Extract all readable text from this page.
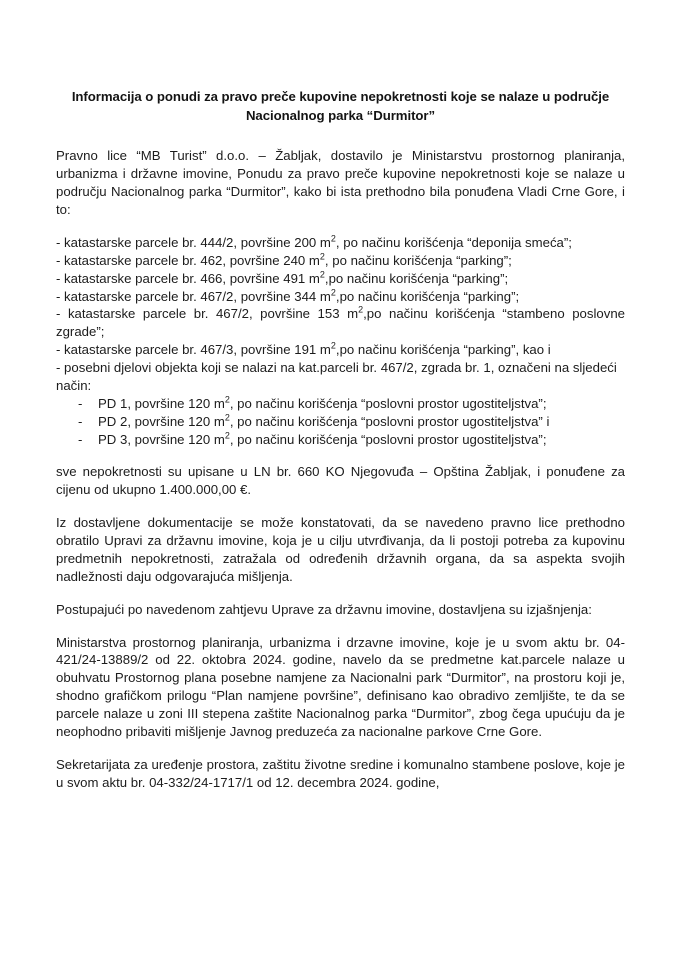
Informacija o ponudi za pravo preče kupovine nepokretnosti koje se nalaze u područje Nacionalnog parka “Durmitor”

Pravno lice “MB Turist” d.o.o. – Žabljak, dostavilo je Ministarstvu prostornog planiranja, urbanizma i državne imovine, Ponudu za pravo preče kupovine nepokretnosti koje se nalaze u području Nacionalnog parka “Durmitor”, kako bi ista prethodno bila ponuđena Vladi Crne Gore, i to:

- katastarske parcele br. 444/2, površine 200 $m^2$, po načinu korišćenja “deponija smeća”;

- katastarske parcele br. 462, površine 240 $m^2$, po načinu korišćenja “parking”;

- katastarske parcele br. 466, površine 491 $m^2,po$ načinu korišćenja “parking”;

- katastarske parcele br. 467/2, površine 344 $m^2,po$ načinu korišćenja “parking”;

- katastarske parcele br. 467/2, površine 153 $m^2,po$ načinu korišćenja “stambeno poslovne zgrade”;

- katastarske parcele br. 467/3, površine 191 $m^2,po$ načinu korišćenja “parking”, kao i

- posebni djelovi objekta koji se nalazi na kat.parceli br. 467/2, zgrada br. 1, označeni na sljedeći način:

- PD 1, površine 120 $m^2$, po načinu korišćenja “poslovni prostor ugostiteljstva”;
- PD 2, površine 120 $m^2$, po načinu korišćenja “poslovni prostor ugostiteljstva” i
- PD 3, površine 120 $m^2$, po načinu korišćenja “poslovni prostor ugostiteljstva”;

sve nepokretnosti su upisane u LN br. 660 KO Njegovuđa – Opština Žabljak, i ponuđene za cijenu od ukupno 1.400.000,00 €.

Iz dostavljene dokumentacije se može konstatovati, da se navedeno pravno lice prethodno obratilo Upravi za državnu imovine, koja je u cilju utvrđivanja, da li postoji potreba za kupovinu predmetnih nepokretnosti, zatražala od određenih državnih organa, da sa aspekta svojih nadležnosti daju odgovarajuća mišljenja.

Postupajući po navedenom zahtjevu Uprave za državnu imovine, dostavljena su izjašnjenja:

Ministarstva prostornog planiranja, urbanizma i drzavne imovine, koje je u svom aktu br. 04-421/24-13889/2 od 22. oktobra 2024. godine, navelo da se predmetne kat.parcele nalaze u obuhvatu Prostornog plana posebne namjene za Nacionalni park “Durmitor”, na prostoru koji je, shodno grafičkom prilogu “Plan namjene površine”, definisano kao obradivo zemljište, te da se parcele nalaze u zoni III stepena zaštite Nacionalnog parka “Durmitor”, zbog čega upućuju da je neophodno pribaviti mišljenje Javnog preduzeća za nacionalne parkove Crne Gore.

Sekretarijata za uređenje prostora, zaštitu životne sredine i komunalno stambene poslove, koje je u svom aktu br. 04-332/24-1717/1 od 12. decembra 2024. godine,
